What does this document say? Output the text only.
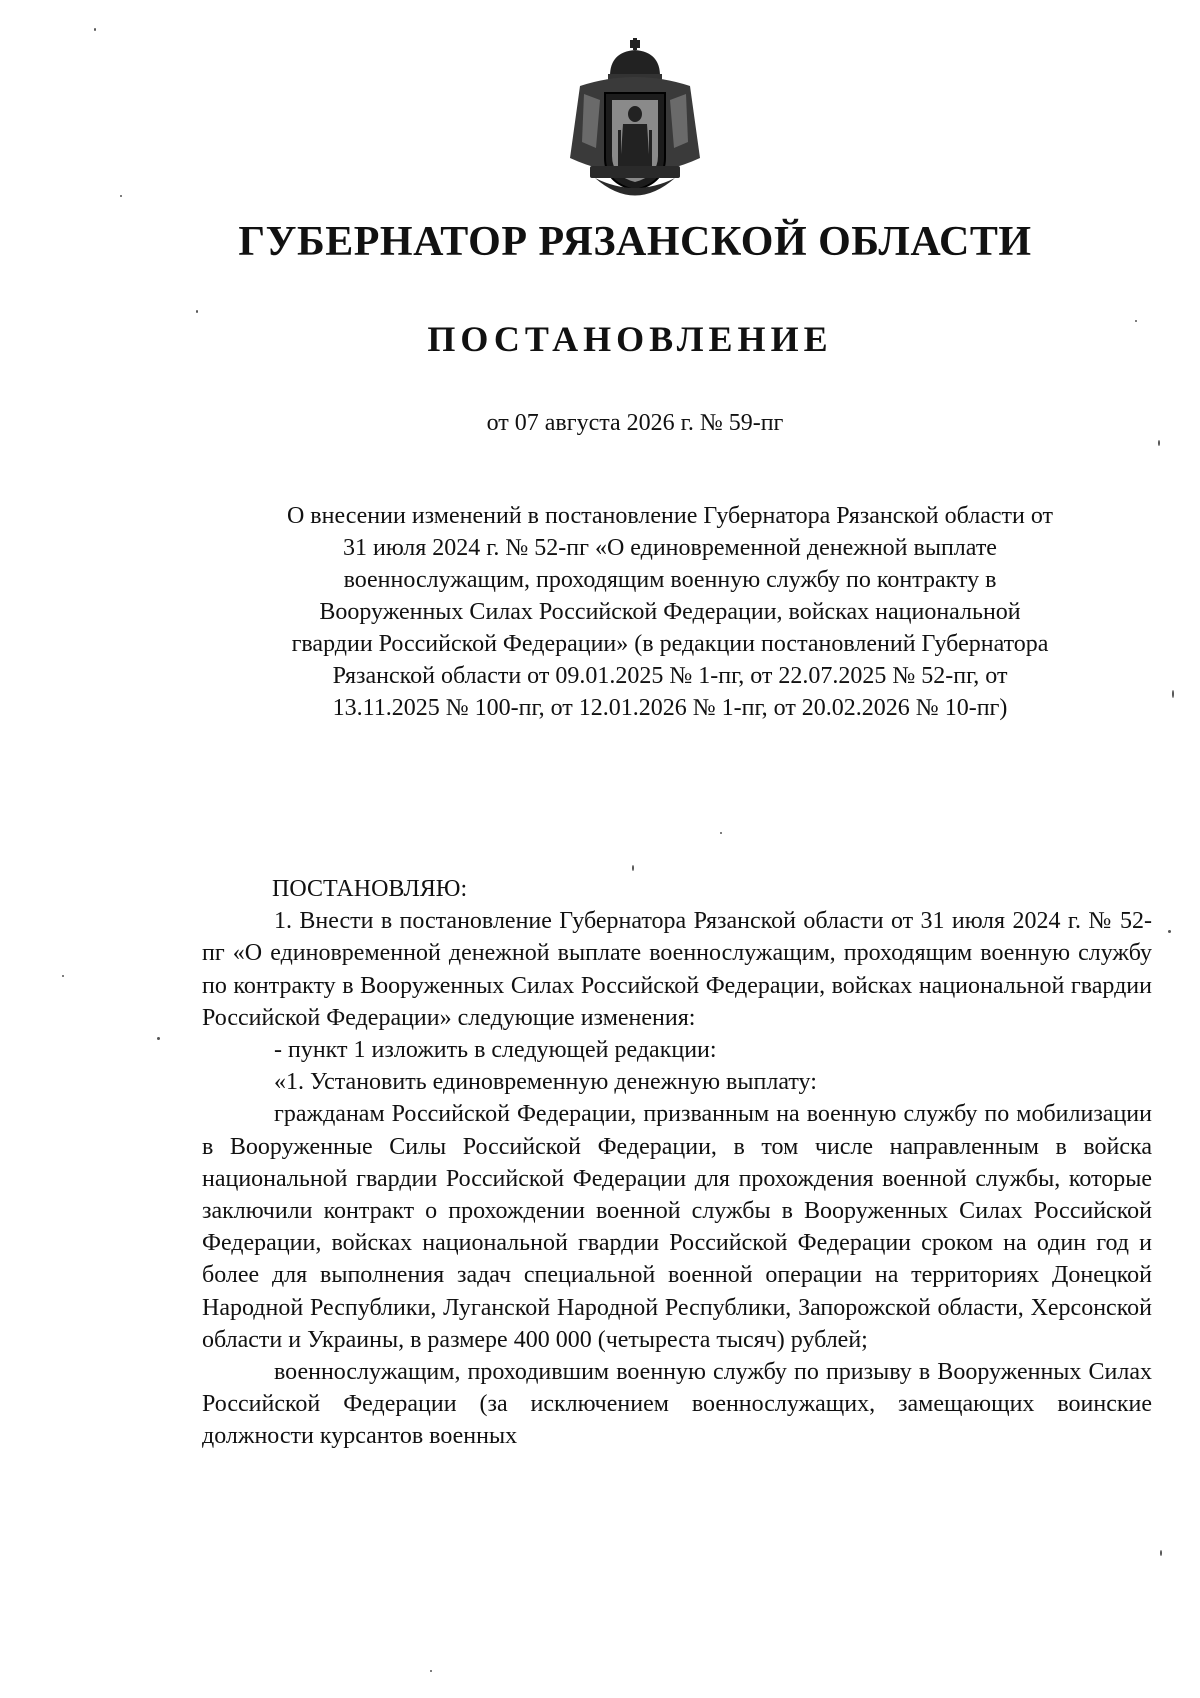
ГУБЕРНАТОР РЯЗАНСКОЙ ОБЛАСТИ
ПОСТАНОВЛЕНИЕ
от 07 августа 2026 г. № 59-пг
О внесении изменений в постановление Губернатора Рязанской области от 31 июля 2024 г. № 52-пг «О единовременной денежной выплате военнослужащим, проходящим военную службу по контракту в Вооруженных Силах Российской Федерации, войсках национальной гвардии Российской Федерации» (в редакции постановлений Губернатора Рязанской области от 09.01.2025 № 1-пг, от 22.07.2025 № 52-пг, от 13.11.2025 № 100-пг, от 12.01.2026 № 1-пг, от 20.02.2026 № 10-пг)

ПОСТАНОВЛЯЮ:

1. Внести в постановление Губернатора Рязанской области от 31 июля 2024 г. № 52-пг «О единовременной денежной выплате военнослужащим, проходящим военную службу по контракту в Вооруженных Силах Российской Федерации, войсках национальной гвардии Российской Федерации» следующие изменения:

- пункт 1 изложить в следующей редакции:

«1. Установить единовременную денежную выплату:

гражданам Российской Федерации, призванным на военную службу по мобилизации в Вооруженные Силы Российской Федерации, в том числе направленным в войска национальной гвардии Российской Федерации для прохождения военной службы, которые заключили контракт о прохождении военной службы в Вооруженных Силах Российской Федерации, войсках национальной гвардии Российской Федерации сроком на один год и более для выполнения задач специальной военной операции на территориях Донецкой Народной Республики, Луганской Народной Республики, Запорожской области, Херсонской области и Украины, в размере 400 000 (четыреста тысяч) рублей;

военнослужащим, проходившим военную службу по призыву в Вооруженных Силах Российской Федерации (за исключением военнослужащих, замещающих воинские должности курсантов военных
